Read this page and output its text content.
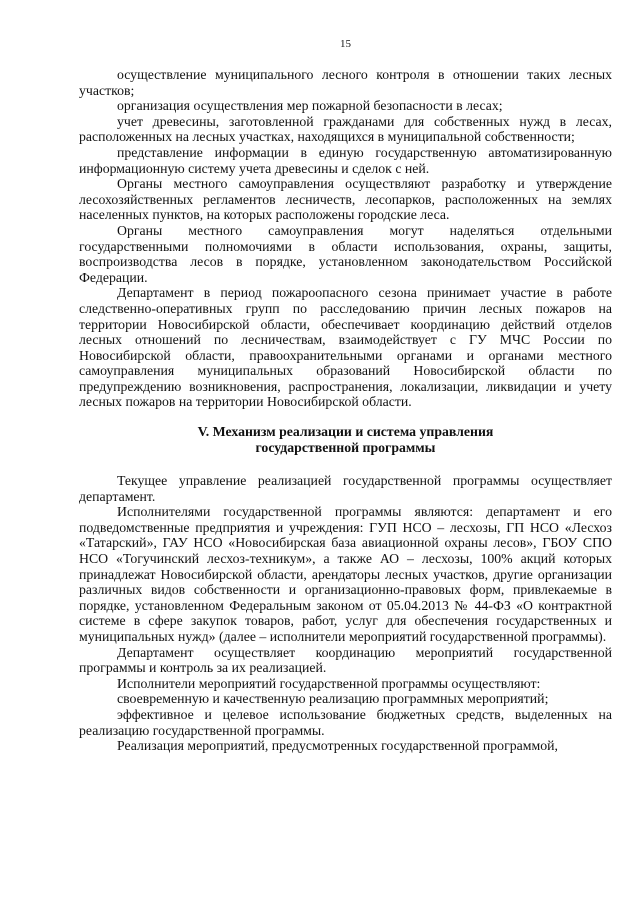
15

осуществление муниципального лесного контроля в отношении таких лесных участков;

организация осуществления мер пожарной безопасности в лесах;

учет древесины, заготовленной гражданами для собственных нужд в лесах, расположенных на лесных участках, находящихся в муниципальной собственности;

представление информации в единую государственную автоматизированную информационную систему учета древесины и сделок с ней.

Органы местного самоуправления осуществляют разработку и утверждение лесохозяйственных регламентов лесничеств, лесопарков, расположенных на землях населенных пунктов, на которых расположены городские леса.

Органы местного самоуправления могут наделяться отдельными государственными полномочиями в области использования, охраны, защиты, воспроизводства лесов в порядке, установленном законодательством Российской Федерации.

Департамент в период пожароопасного сезона принимает участие в работе следственно-оперативных групп по расследованию причин лесных пожаров на территории Новосибирской области, обеспечивает координацию действий отделов лесных отношений по лесничествам, взаимодействует с ГУ МЧС России по Новосибирской области, правоохранительными органами и органами местного самоуправления муниципальных образований Новосибирской области по предупреждению возникновения, распространения, локализации, ликвидации и учету лесных пожаров на территории Новосибирской области.

V. Механизм реализации и система управления
государственной программы

Текущее управление реализацией государственной программы осуществляет департамент.

Исполнителями государственной программы являются: департамент и его подведомственные предприятия и учреждения: ГУП НСО – лесхозы, ГП НСО «Лесхоз «Татарский», ГАУ НСО «Новосибирская база авиационной охраны лесов», ГБОУ СПО НСО «Тогучинский лесхоз-техникум», а также АО – лесхозы, 100% акций которых принадлежат Новосибирской области, арендаторы лесных участков, другие организации различных видов собственности и организационно-правовых форм, привлекаемые в порядке, установленном Федеральным законом от 05.04.2013 № 44-ФЗ «О контрактной системе в сфере закупок товаров, работ, услуг для обеспечения государственных и муниципальных нужд» (далее – исполнители мероприятий государственной программы).

Департамент осуществляет координацию мероприятий государственной программы и контроль за их реализацией.

Исполнители мероприятий государственной программы осуществляют:

своевременную и качественную реализацию программных мероприятий;

эффективное и целевое использование бюджетных средств, выделенных на реализацию государственной программы.

Реализация мероприятий, предусмотренных государственной программой,
